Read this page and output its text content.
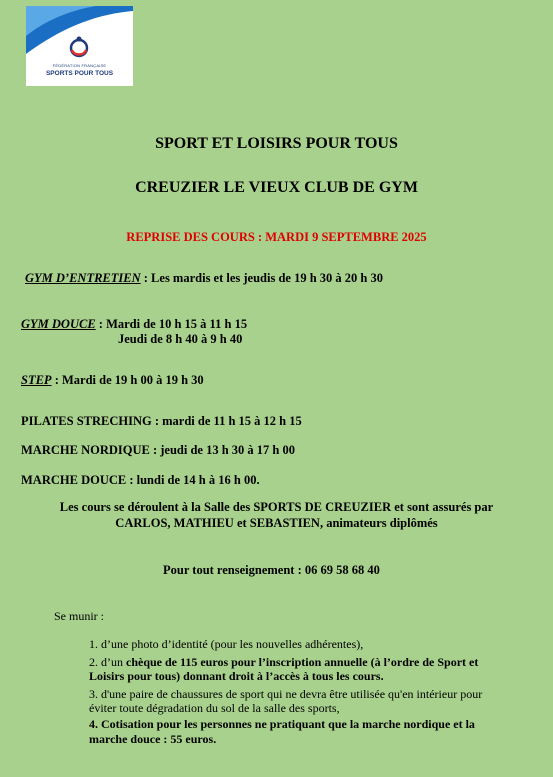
FÉDÉRATION FRANÇAISE
SPORTS POUR TOUS
SPORT ET LOISIRS POUR TOUS
CREUZIER LE VIEUX CLUB DE GYM
REPRISE DES COURS : MARDI 9 SEPTEMBRE 2025
GYM D’ENTRETIEN : Les mardis et les jeudis de 19 h 30 à 20 h 30
GYM DOUCE : Mardi de 10 h 15 à 11 h 15
Jeudi de 8 h 40 à 9 h 40
STEP : Mardi de 19 h 00 à 19 h 30
PILATES STRECHING : mardi de 11 h 15 à 12 h 15
MARCHE NORDIQUE : jeudi de 13 h 30 à 17 h 00
MARCHE DOUCE : lundi de 14 h à 16 h 00.
Les cours se déroulent à la Salle des SPORTS DE CREUZIER et sont assurés par
CARLOS, MATHIEU et SEBASTIEN, animateurs diplômés
Pour tout renseignement : 06 69 58 68 40
Se munir :
1. d’une photo d’identité (pour les nouvelles adhérentes),
2. d’un chèque de 115 euros pour l’inscription annuelle (à l’ordre de Sport et
Loisirs pour tous) donnant droit à l’accès à tous les cours.
3. d'une paire de chaussures de sport qui ne devra être utilisée qu'en intérieur pour
éviter toute dégradation du sol de la salle des sports,
4. Cotisation pour les personnes ne pratiquant que la marche nordique et la
marche douce : 55 euros.
